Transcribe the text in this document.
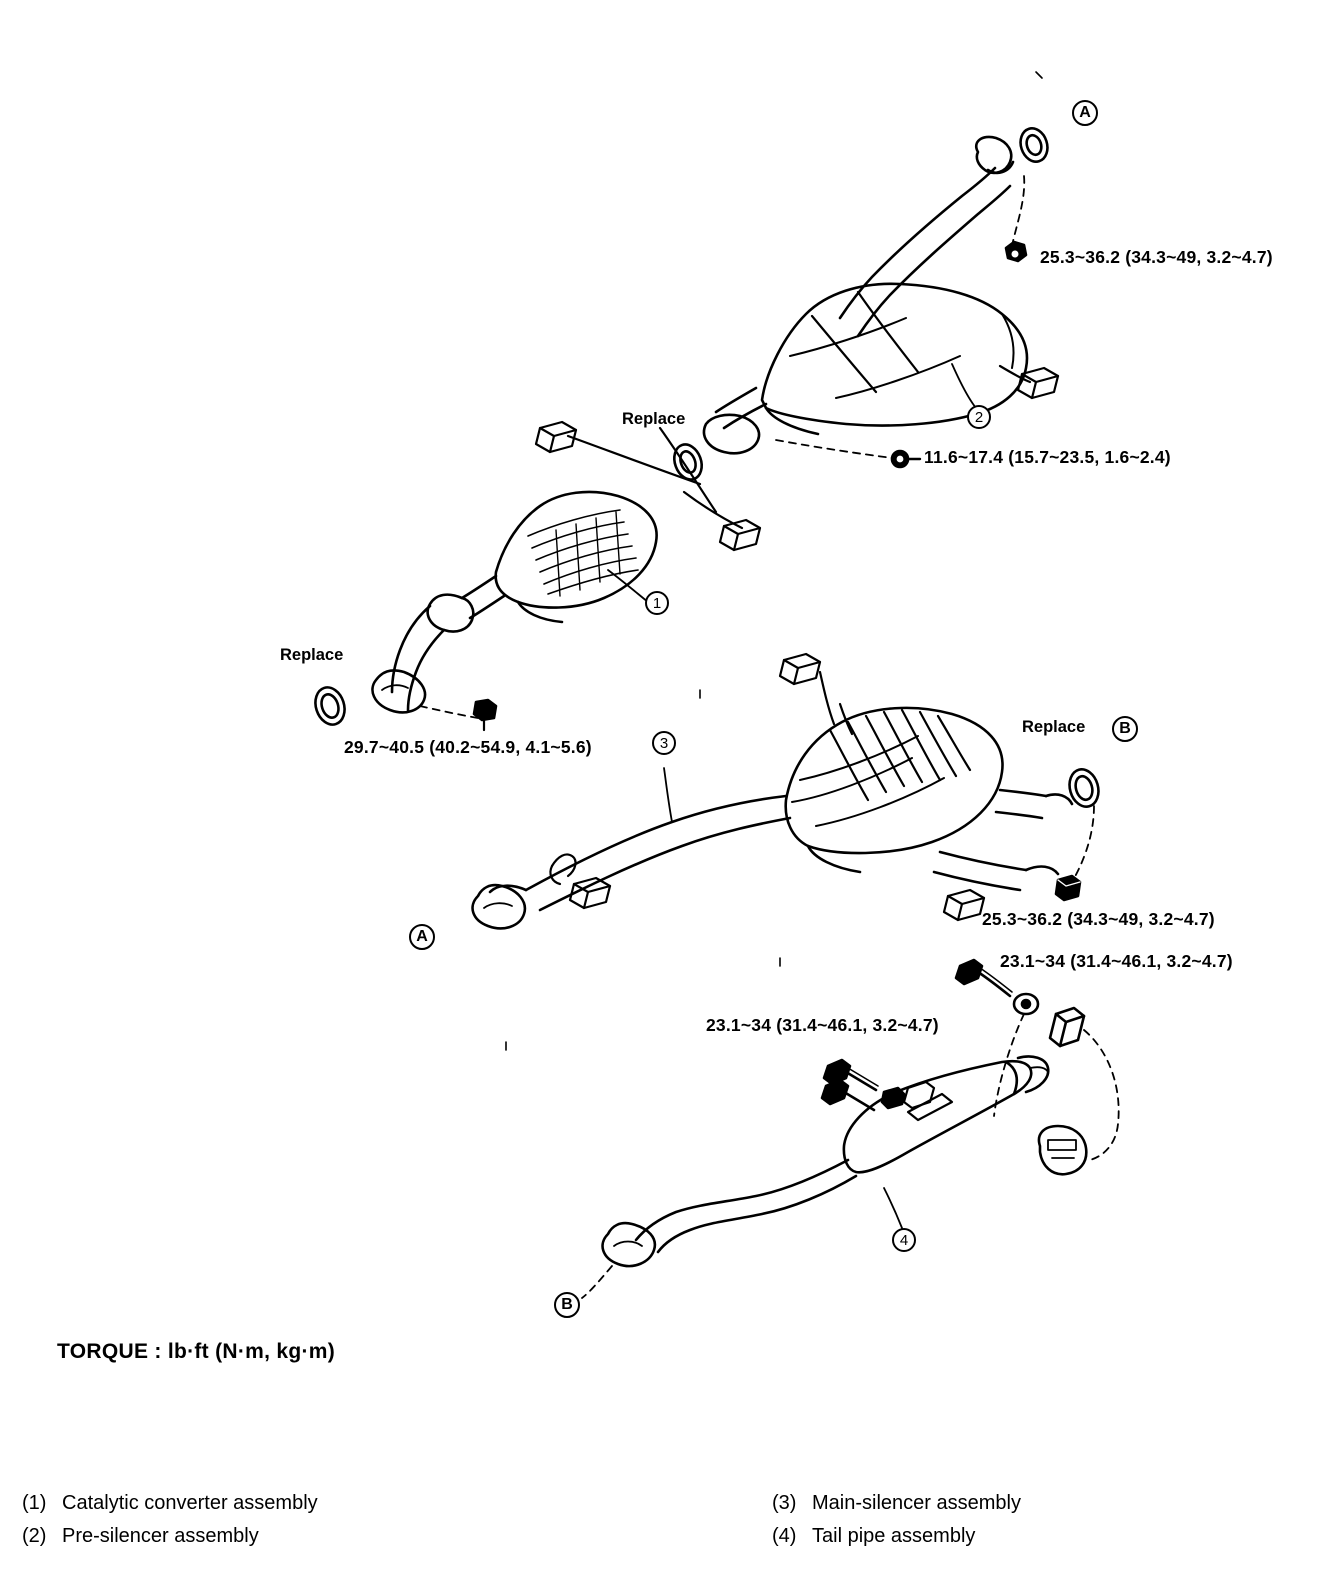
A
A
B
B
1
2
3
4
Replace
Replace
Replace
25.3~36.2 (34.3~49, 3.2~4.7)
11.6~17.4 (15.7~23.5, 1.6~2.4)
29.7~40.5 (40.2~54.9, 4.1~5.6)
25.3~36.2 (34.3~49, 3.2~4.7)
23.1~34 (31.4~46.1, 3.2~4.7)
23.1~34 (31.4~46.1, 3.2~4.7)
TORQUE : lb·ft (N·m, kg·m)
(1) Catalytic converter assembly
(2) Pre-silencer assembly
(3) Main-silencer assembly
(4) Tail pipe assembly
